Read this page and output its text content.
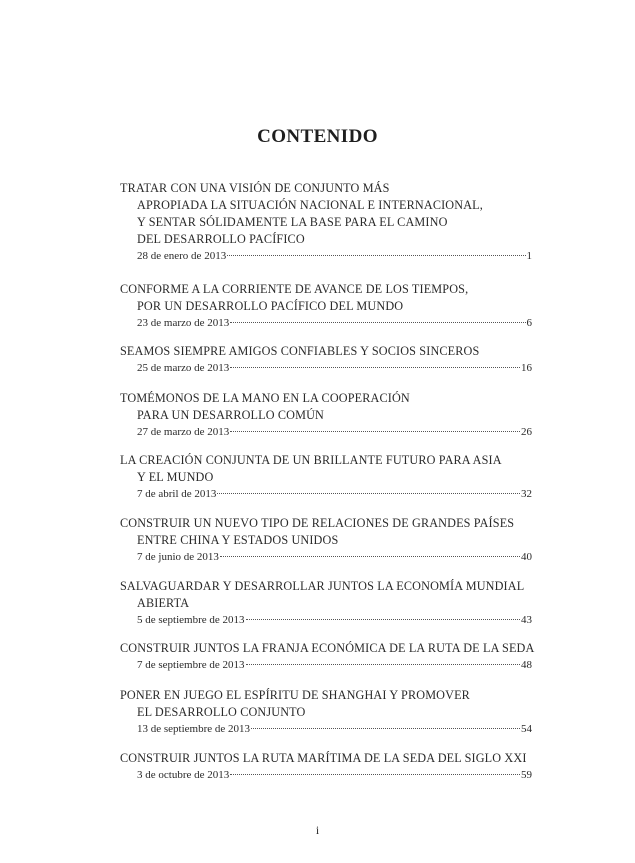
CONTENIDO
TRATAR CON UNA VISIÓN DE CONJUNTO MÁS
APROPIADA LA SITUACIÓN NACIONAL E INTERNACIONAL,
Y SENTAR SÓLIDAMENTE LA BASE PARA EL CAMINO
DEL DESARROLLO PACÍFICO
28 de enero de 2013	1
CONFORME A LA CORRIENTE DE AVANCE DE LOS TIEMPOS,
POR UN DESARROLLO PACÍFICO DEL MUNDO
23 de marzo de 2013	6
SEAMOS SIEMPRE AMIGOS CONFIABLES Y SOCIOS SINCEROS
25 de marzo de 2013	16
TOMÉMONOS DE LA MANO EN LA COOPERACIÓN
PARA UN DESARROLLO COMÚN
27 de marzo de 2013	26
LA CREACIÓN CONJUNTA DE UN BRILLANTE FUTURO PARA ASIA
Y EL MUNDO
7 de abril de 2013	32
CONSTRUIR UN NUEVO TIPO DE RELACIONES DE GRANDES PAÍSES
ENTRE CHINA Y ESTADOS UNIDOS
7 de junio de 2013	40
SALVAGUARDAR Y DESARROLLAR JUNTOS LA ECONOMÍA MUNDIAL
ABIERTA
5 de septiembre de 2013	43
CONSTRUIR JUNTOS LA FRANJA ECONÓMICA DE LA RUTA DE LA SEDA
7 de septiembre de 2013	48
PONER EN JUEGO EL ESPÍRITU DE SHANGHAI Y PROMOVER
EL DESARROLLO CONJUNTO
13 de septiembre de 2013	54
CONSTRUIR JUNTOS LA RUTA MARÍTIMA DE LA SEDA DEL SIGLO XXI
3 de octubre de 2013	59
i
